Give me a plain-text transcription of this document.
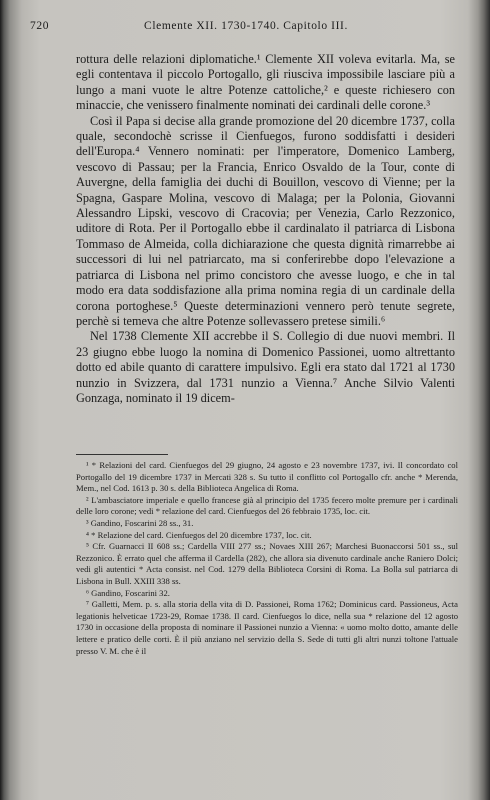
720	Clemente XII. 1730-1740. Capitolo III.

rottura delle relazioni diplomatiche.¹ Clemente XII voleva evitarla. Ma, se egli contentava il piccolo Portogallo, gli riusciva impossibile lasciare più a lungo a mani vuote le altre Potenze cattoliche,² e queste richiesero con minaccie, che venissero finalmente nominati dei cardinali delle corone.³

Così il Papa si decise alla grande promozione del 20 dicembre 1737, colla quale, secondochè scrisse il Cienfuegos, furono soddisfatti i desideri dell'Europa.⁴ Vennero nominati: per l'imperatore, Domenico Lamberg, vescovo di Passau; per la Francia, Enrico Osvaldo de la Tour, conte di Auvergne, della famiglia dei duchi di Bouillon, vescovo di Vienne; per la Spagna, Gaspare Molina, vescovo di Malaga; per la Polonia, Giovanni Alessandro Lipski, vescovo di Cracovia; per Venezia, Carlo Rezzonico, uditore di Rota. Per il Portogallo ebbe il cardinalato il patriarca di Lisbona Tommaso de Almeida, colla dichiarazione che questa dignità rimarrebbe ai successori di lui nel patriarcato, ma si conferirebbe dopo l'elevazione a patriarca di Lisbona nel primo concistoro che avesse luogo, e che in tal modo era data soddisfazione alla prima nomina regia di un cardinale della corona portoghese.⁵ Queste determinazioni vennero però tenute segrete, perchè si temeva che altre Potenze sollevassero pretese simili.⁶

Nel 1738 Clemente XII accrebbe il S. Collegio di due nuovi membri. Il 23 giugno ebbe luogo la nomina di Domenico Passionei, uomo altrettanto dotto ed abile quanto di carattere impulsivo. Egli era stato dal 1721 al 1730 nunzio in Svizzera, dal 1731 nunzio a Vienna.⁷ Anche Silvio Valenti Gonzaga, nominato il 19 dicem-

¹ * Relazioni del card. Cienfuegos del 29 giugno, 24 agosto e 23 novembre 1737, ivi. Il concordato col Portogallo del 19 dicembre 1737 in Mercati 328 s. Su tutto il conflitto col Portogallo cfr. anche * Merenda, Mem., nel Cod. 1613 p. 30 s. della Biblioteca Angelica di Roma.

² L'ambasciatore imperiale e quello francese già al principio del 1735 fecero molte premure per i cardinali delle loro corone; vedi * relazione del card. Cienfuegos del 26 febbraio 1735, loc. cit.

³ Gandino, Foscarini 28 ss., 31.

⁴ * Relazione del card. Cienfuegos del 20 dicembre 1737, loc. cit.

⁵ Cfr. Guarnacci II 608 ss.; Cardella VIII 277 ss.; Novaes XIII 267; Marchesi Buonaccorsi 501 ss., sul Rezzonico. È errato quel che afferma il Cardella (282), che allora sia divenuto cardinale anche Raniero Dolci; vedi gli autentici * Acta consist. nel Cod. 1279 della Biblioteca Corsini di Roma. La Bolla sul patriarca di Lisbona in Bull. XXIII 338 ss.

⁶ Gandino, Foscarini 32.

⁷ Galletti, Mem. p. s. alla storia della vita di D. Passionei, Roma 1762; Dominicus card. Passioneus, Acta legationis helveticae 1723-29, Romae 1738. Il card. Cienfuegos lo dice, nella sua * relazione del 12 agosto 1730 in occasione della proposta di nominare il Passionei nunzio a Vienna: « uomo molto dotto, amante delle lettere e pratico delle corti. È il più anziano nel servizio della S. Sede di tutti gli altri nunzi toltone l'attuale presso V. M. che è il
